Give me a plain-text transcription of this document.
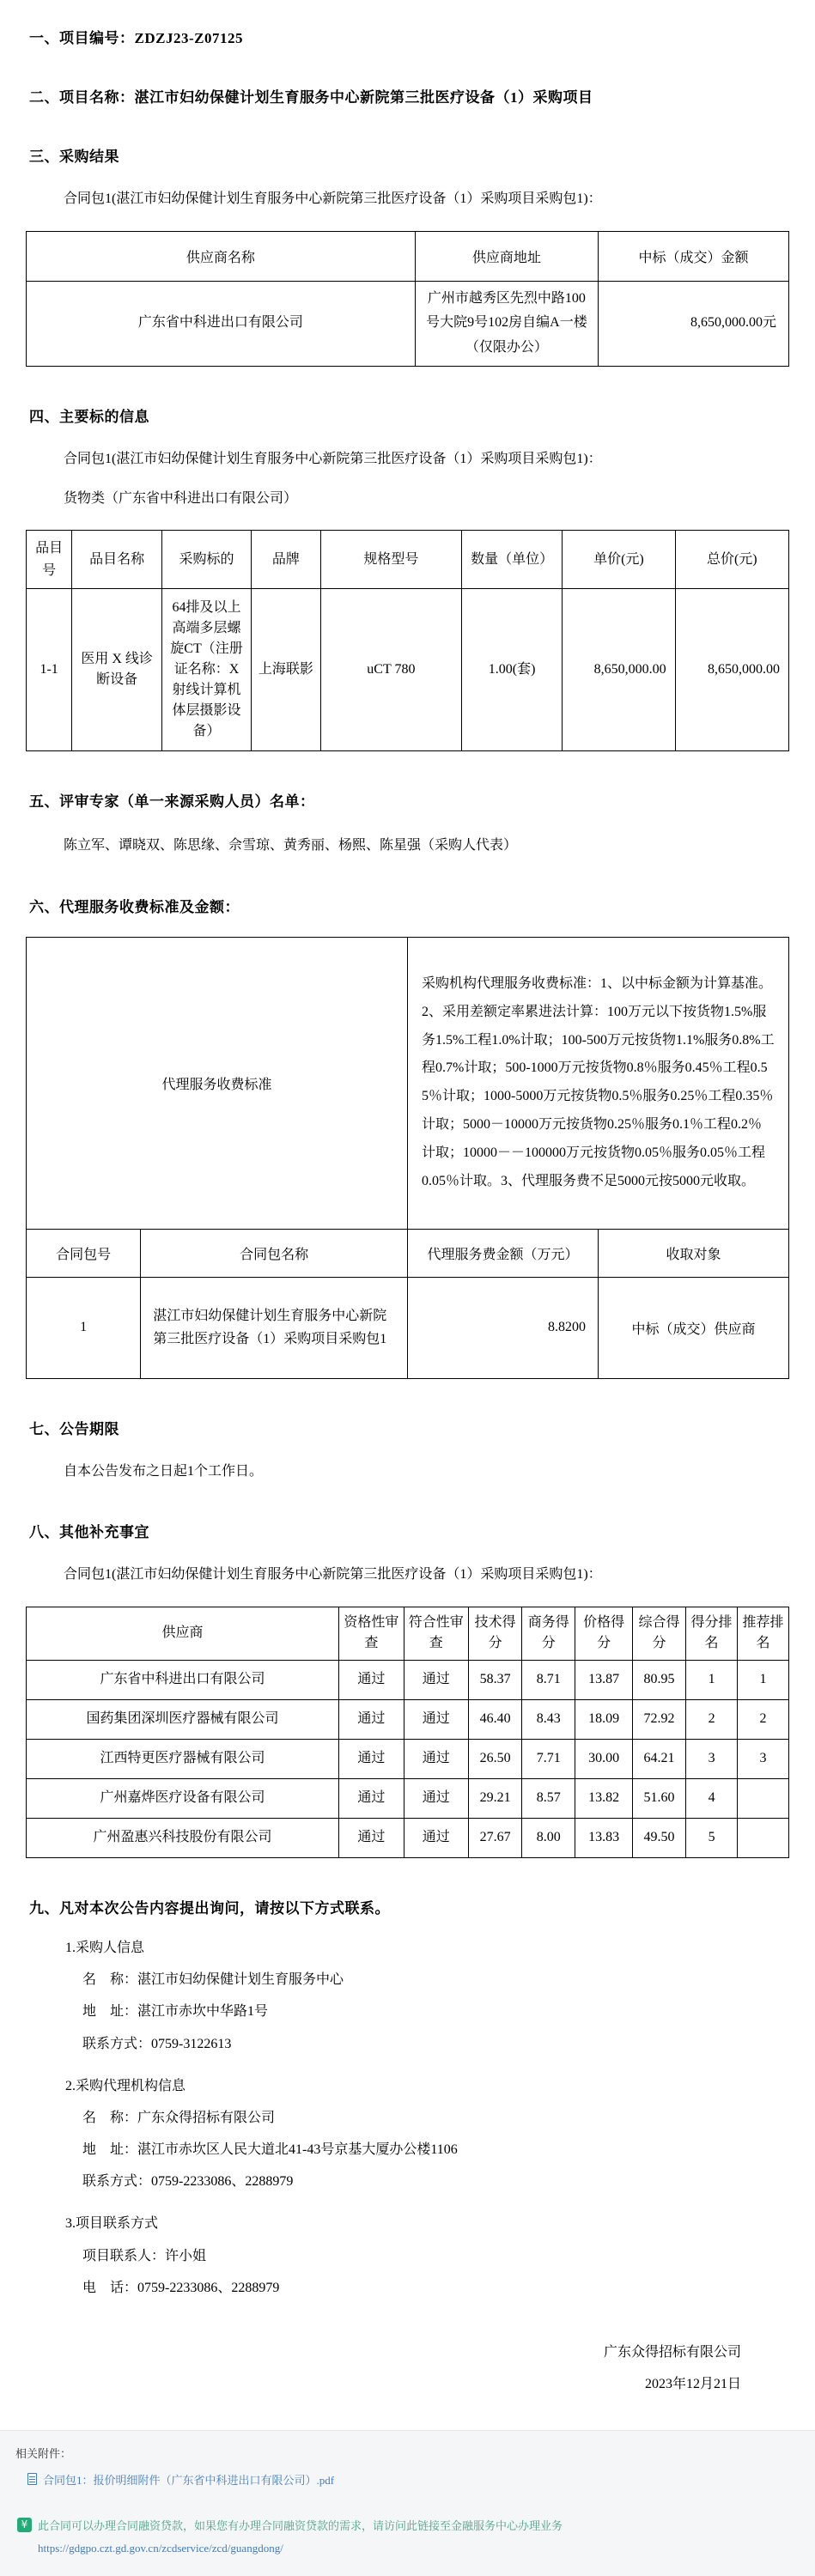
一、项目编号：ZDZJ23-Z07125
二、项目名称：湛江市妇幼保健计划生育服务中心新院第三批医疗设备（1）采购项目
三、采购结果
合同包1(湛江市妇幼保健计划生育服务中心新院第三批医疗设备（1）采购项目采购包1)：
供应商名称	供应商地址	中标（成交）金额
广东省中科进出口有限公司	广州市越秀区先烈中路100号大院9号102房自编A一楼（仅限办公）	8,650,000.00元
四、主要标的信息
合同包1(湛江市妇幼保健计划生育服务中心新院第三批医疗设备（1）采购项目采购包1)：
货物类（广东省中科进出口有限公司）
品目号	品目名称	采购标的	品牌	规格型号	数量（单位）	单价(元)	总价(元)
1-1	医用 X 线诊断设备	64排及以上高端多层螺旋CT（注册证名称：X 射线计算机体层摄影设备）	上海联影	uCT 780	1.00(套)	8,650,000.00	8,650,000.00
五、评审专家（单一来源采购人员）名单：
陈立军、谭晓双、陈思缘、佘雪琼、黄秀丽、杨熙、陈星强（采购人代表）
六、代理服务收费标准及金额：
代理服务收费标准		采购机构代理服务收费标准：1、以中标金额为计算基准。2、采用差额定率累进法计算：100万元以下按货物1.5%服务1.5%工程1.0%计取；100-500万元按货物1.1%服务0.8%工程0.7%计取；500-1000万元按货物0.8％服务0.45％工程0.55％计取；1000-5000万元按货物0.5％服务0.25％工程0.35％计取；5000－10000万元按货物0.25％服务0.1％工程0.2％计取；10000－－100000万元按货物0.05％服务0.05％工程0.05％计取。3、代理服务费不足5000元按5000元收取。	
合同包号	合同包名称	代理服务费金额（万元）	收取对象
1	湛江市妇幼保健计划生育服务中心新院第三批医疗设备（1）采购项目采购包1	8.8200	中标（成交）供应商
七、公告期限
自本公告发布之日起1个工作日。
八、其他补充事宜
合同包1(湛江市妇幼保健计划生育服务中心新院第三批医疗设备（1）采购项目采购包1)：
供应商	资格性审查	符合性审查	技术得分	商务得分	价格得分	综合得分	得分排名	推荐排名
广东省中科进出口有限公司	通过	通过	58.37	8.71	13.87	80.95	1	1
国药集团深圳医疗器械有限公司	通过	通过	46.40	8.43	18.09	72.92	2	2
江西特更医疗器械有限公司	通过	通过	26.50	7.71	30.00	64.21	3	3
广州嘉烨医疗设备有限公司	通过	通过	29.21	8.57	13.82	51.60	4	
广州盈惠兴科技股份有限公司	通过	通过	27.67	8.00	13.83	49.50	5	
九、凡对本次公告内容提出询问，请按以下方式联系。
1.采购人信息
名　称：湛江市妇幼保健计划生育服务中心
地　址：湛江市赤坎中华路1号
联系方式：0759-3122613
2.采购代理机构信息
名　称：广东众得招标有限公司
地　址：湛江市赤坎区人民大道北41-43号京基大厦办公楼1106
联系方式：0759-2233086、2288979
3.项目联系方式
项目联系人：许小姐
电　话：0759-2233086、2288979
广东众得招标有限公司
2023年12月21日
相关附件：
合同包1：报价明细附件（广东省中科进出口有限公司）.pdf
¥ 此合同可以办理合同融资贷款，如果您有办理合同融资贷款的需求，请访问此链接至金融服务中心办理业务
https://gdgpo.czt.gd.gov.cn/zcdservice/zcd/guangdong/
